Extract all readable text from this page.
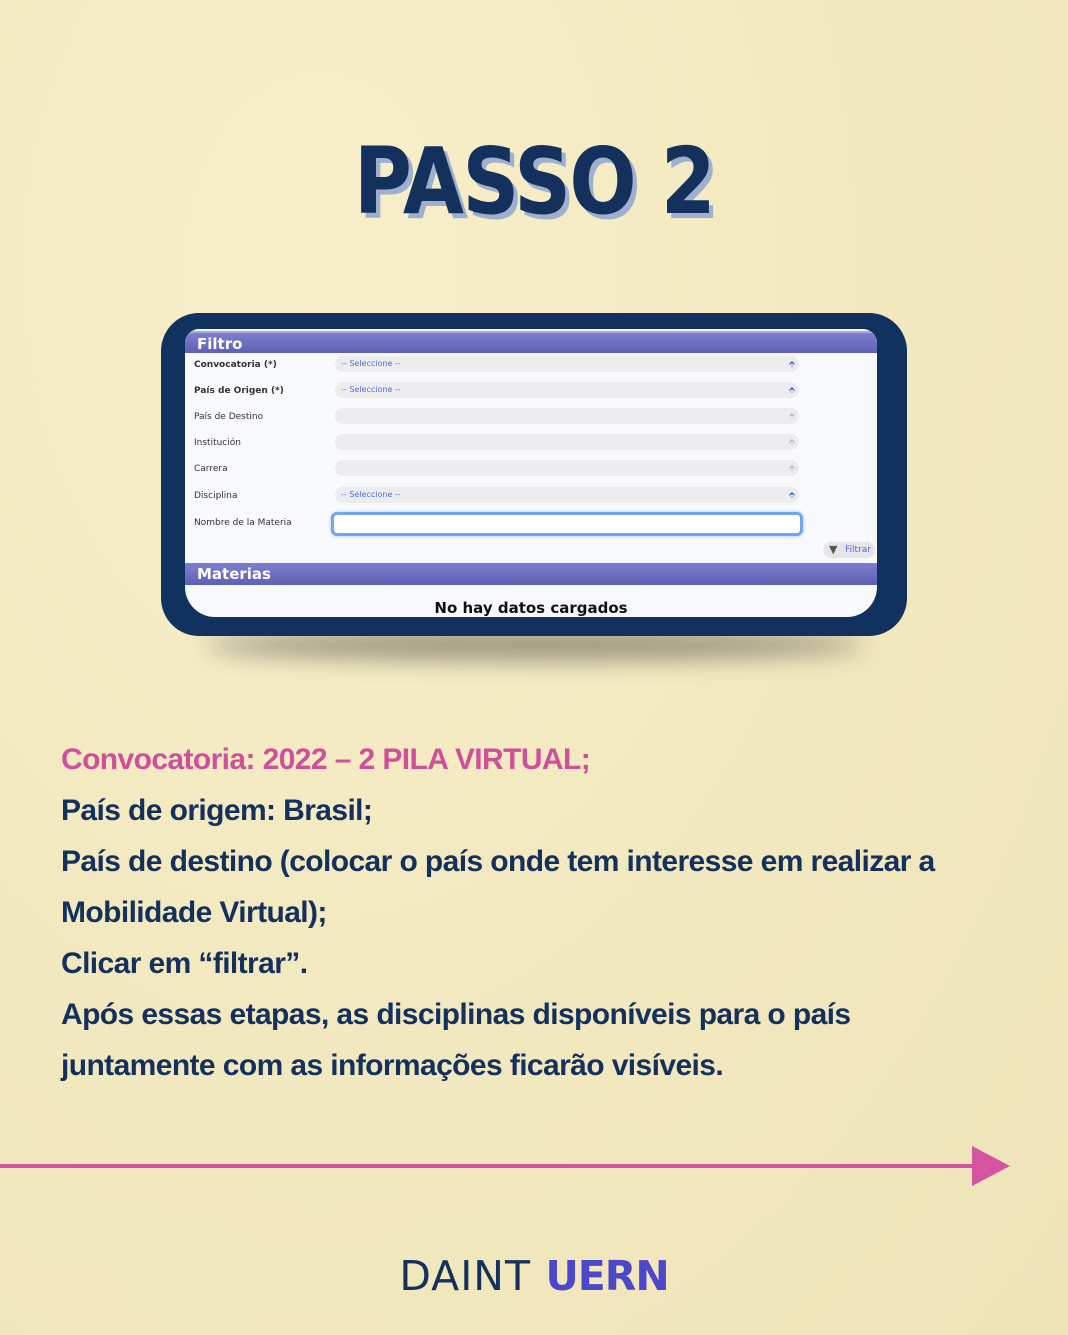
PASSO 2
Filtro
Convocatoria (*)	-- Seleccione --	⬘
País de Origen (*)	-- Seleccione --	⬘
País de Destino	⬘
Institución	⬘
Carrera	⬘
Disciplina	-- Seleccione --	⬘
Nombre de la Materia
▼ Filtrar
Materias
No hay datos cargados

Convocatoria: 2022 – 2 PILA VIRTUAL;

País de origem: Brasil;

País de destino (colocar o país onde tem interesse em realizar a

Mobilidade Virtual);

Clicar em “filtrar”.

Após essas etapas, as disciplinas disponíveis para o país

juntamente com as informações ficarão visíveis.

DAINT UERN
